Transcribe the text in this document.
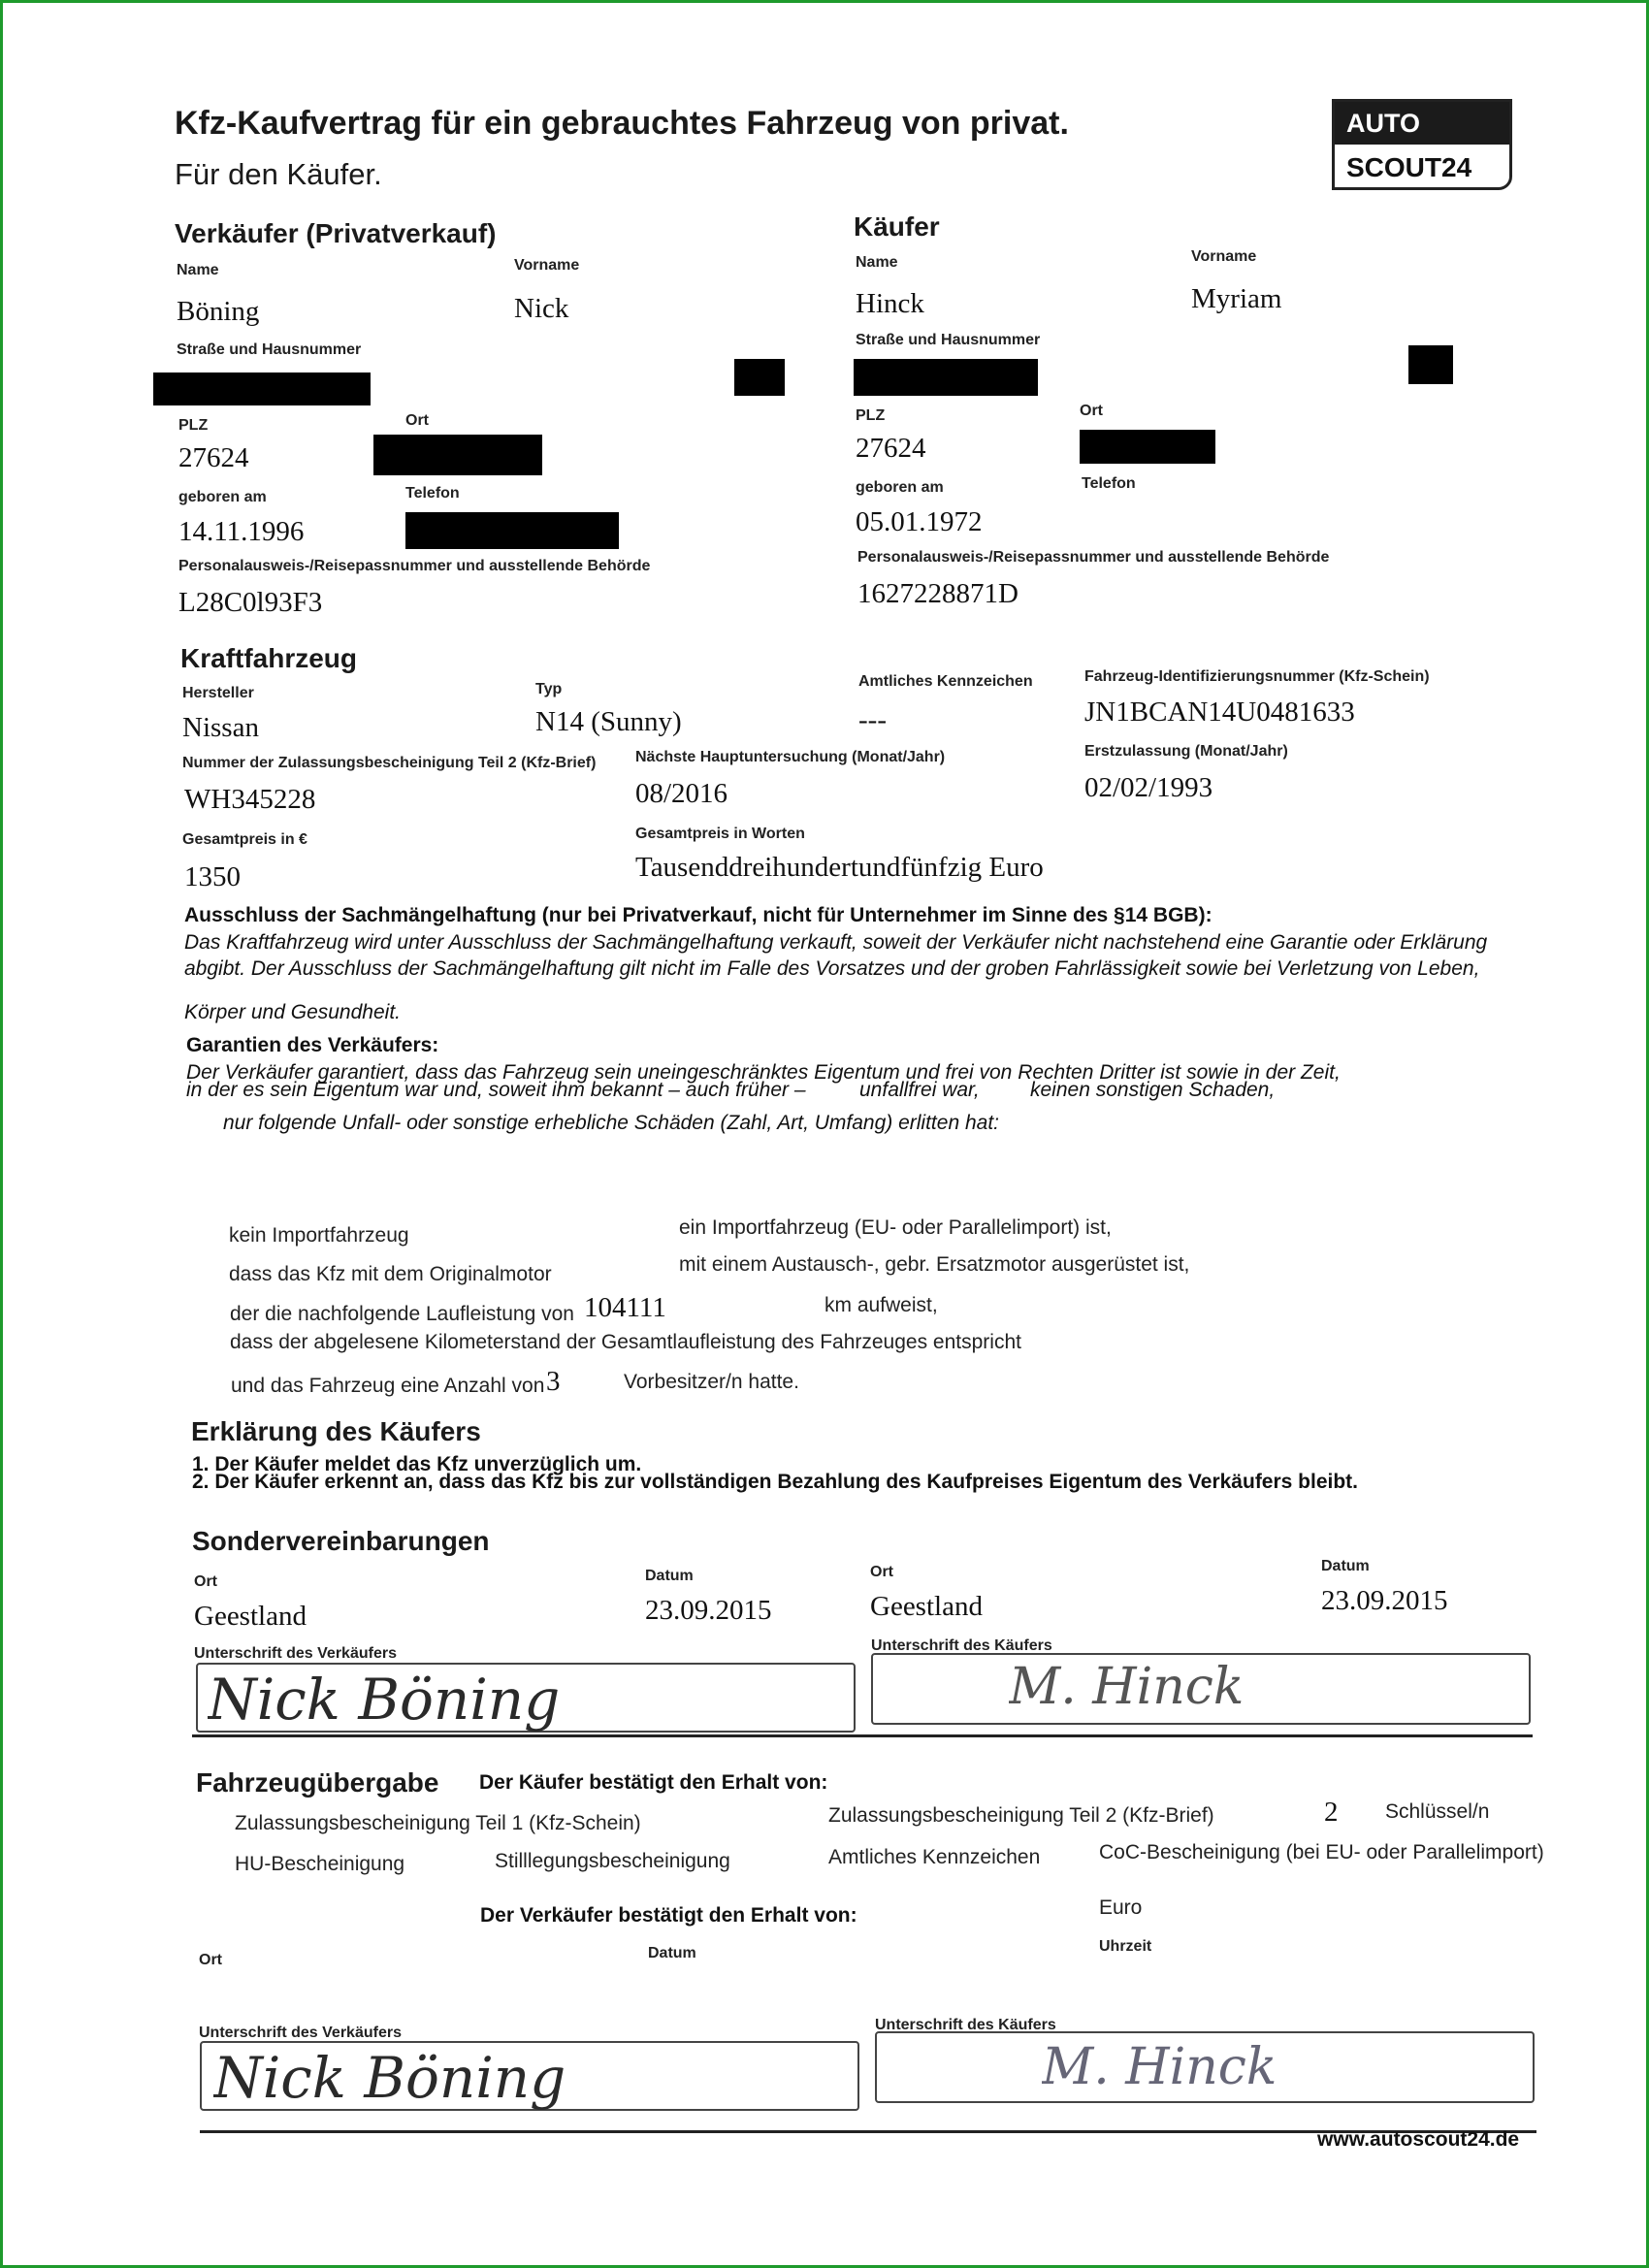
Kfz-Kaufvertrag für ein gebrauchtes Fahrzeug von privat.
Für den Käufer.
AUTO
SCOUT24
Verkäufer (Privatverkauf)
Name
Böning
Vorname
Nick
Straße und Hausnummer
PLZ
27624
Ort
geboren am
14.11.1996
Telefon
Personalausweis-/Reisepassnummer und ausstellende Behörde
L28C0l93F3
Käufer
Name
Hinck
Vorname
Myriam
Straße und Hausnummer
PLZ
27624
Ort
geboren am
05.01.1972
Telefon
Personalausweis-/Reisepassnummer und ausstellende Behörde
1627228871D
Kraftfahrzeug
Hersteller
Nissan
Typ
N14 (Sunny)
Amtliches Kennzeichen
---
Fahrzeug-Identifizierungsnummer (Kfz-Schein)
JN1BCAN14U0481633
Nummer der Zulassungsbescheinigung Teil 2 (Kfz-Brief)
WH345228
Nächste Hauptuntersuchung (Monat/Jahr)
08/2016
Erstzulassung (Monat/Jahr)
02/02/1993
Gesamtpreis in €
1350
Gesamtpreis in Worten
Tausenddreihundertundfünfzig Euro
Ausschluss der Sachmängelhaftung (nur bei Privatverkauf, nicht für Unternehmer im Sinne des §14 BGB):
Das Kraftfahrzeug wird unter Ausschluss der Sachmängelhaftung verkauft, soweit der Verkäufer nicht nachstehend eine Garantie oder Erklärung
abgibt. Der Ausschluss der Sachmängelhaftung gilt nicht im Falle des Vorsatzes und der groben Fahrlässigkeit sowie bei Verletzung von Leben,
Körper und Gesundheit.
Garantien des Verkäufers:
Der Verkäufer garantiert, dass das Fahrzeug sein uneingeschränktes Eigentum und frei von Rechten Dritter ist sowie in der Zeit,
in der es sein Eigentum war und, soweit ihm bekannt – auch früher –	unfallfrei war, keinen sonstigen Schaden,
nur folgende Unfall- oder sonstige erhebliche Schäden (Zahl, Art, Umfang) erlitten hat:
kein Importfahrzeug	ein Importfahrzeug (EU- oder Parallelimport) ist,
dass das Kfz mit dem Originalmotor	mit einem Austausch-, gebr. Ersatzmotor ausgerüstet ist,
der die nachfolgende Laufleistung von 104111	km aufweist,
dass der abgelesene Kilometerstand der Gesamtlaufleistung des Fahrzeuges entspricht
und das Fahrzeug eine Anzahl von 3	Vorbesitzer/n hatte.
Erklärung des Käufers
1. Der Käufer meldet das Kfz unverzüglich um.
2. Der Käufer erkennt an, dass das Kfz bis zur vollständigen Bezahlung des Kaufpreises Eigentum des Verkäufers bleibt.
Sondervereinbarungen
Ort
Geestland
Datum
23.09.2015
Ort
Geestland
Datum
23.09.2015
Unterschrift des Verkäufers	Unterschrift des Käufers
Nick Böning	M. Hinck
Fahrzeugübergabe Der Käufer bestätigt den Erhalt von:
Zulassungsbescheinigung Teil 1 (Kfz-Schein)	Zulassungsbescheinigung Teil 2 (Kfz-Brief)	2 Schlüssel/n
HU-Bescheinigung	Stilllegungsbescheinigung	Amtliches Kennzeichen	CoC-Bescheinigung (bei EU- oder Parallelimport)
Der Verkäufer bestätigt den Erhalt von:	Euro
Ort	Datum	Uhrzeit
Unterschrift des Verkäufers	Unterschrift des Käufers
Nick Böning	M. Hinck
www.autoscout24.de
